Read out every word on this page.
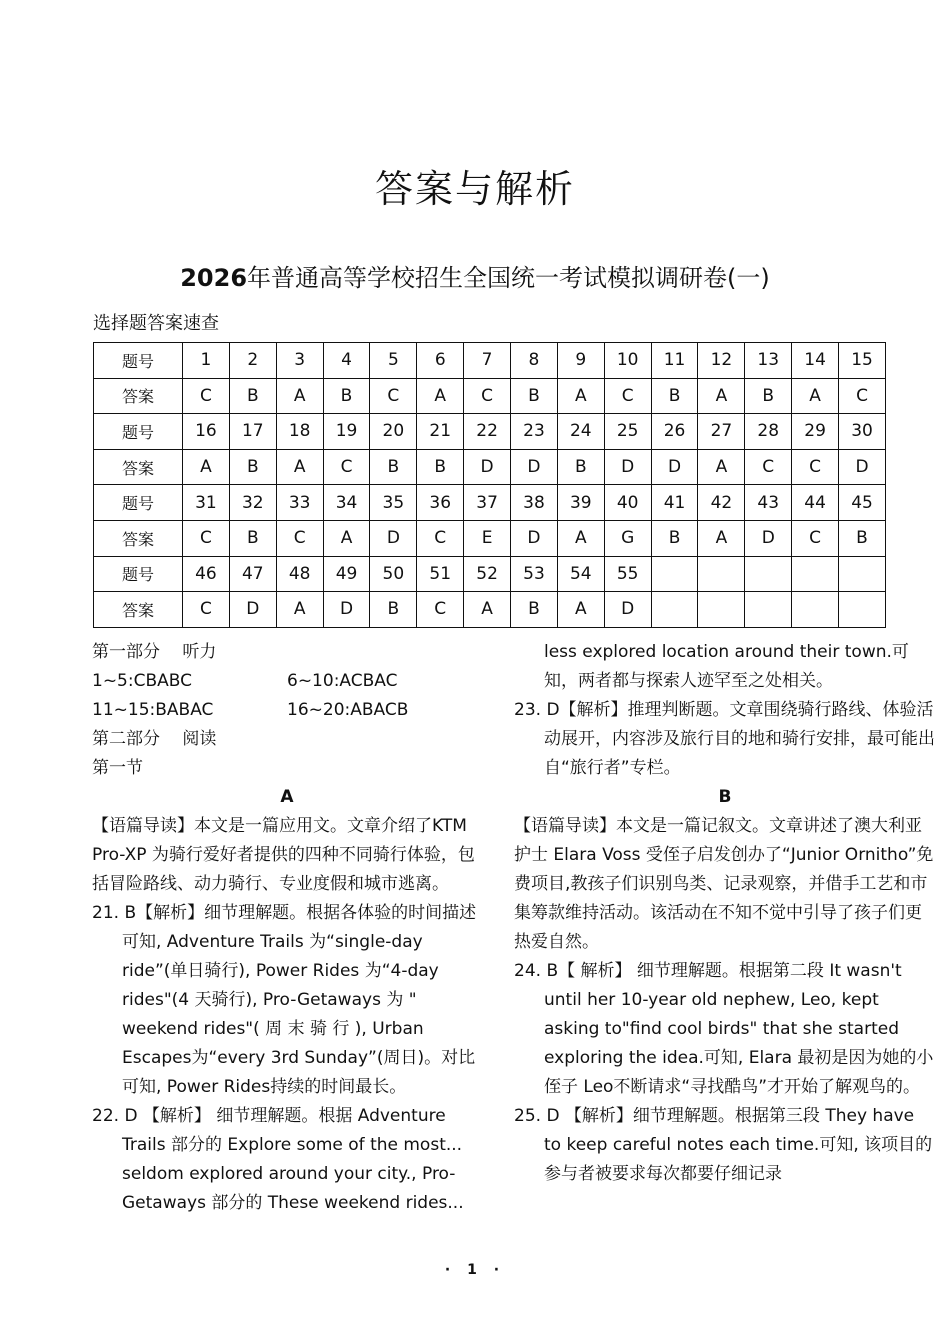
答案与解析
2026年普通高等学校招生全国统一考试模拟调研卷(一)
选择题答案速查
题号	1	2	3	4	5	6	7	8	9	10	11	12	13	14	15
答案	C	B	A	B	C	A	C	B	A	C	B	A	B	A	C
题号	16	17	18	19	20	21	22	23	24	25	26	27	28	29	30
答案	A	B	A	C	B	B	D	D	B	D	D	A	C	C	D
题号	31	32	33	34	35	36	37	38	39	40	41	42	43	44	45
答案	C	B	C	A	D	C	E	D	A	G	B	A	D	C	B
题号	46	47	48	49	50	51	52	53	54	55					
答案	C	D	A	D	B	C	A	B	A	D					
第一部分　 听力
1~5:CBABC	6~10:ACBAC
11~15:BABAC	16~20:ABACB
第二部分　 阅读
第一节
A

【语篇导读】本文是一篇应用文。文章介绍了KTM Pro-XP 为骑行爱好者提供的四种不同骑行体验，包括冒险路线、动力骑行、专业度假和城市逃离。

21. B【解析】细节理解题。根据各体验的时间描述可知, Adventure Trails 为“single-day ride”(单日骑行), Power Rides 为“4-day rides"(4 天骑行), Pro-Getaways 为 " weekend rides"( 周 末 骑 行 ), Urban Escapes为“every 3rd Sunday”(周日)。对比可知, Power Rides持续的时间最长。

22. D 【解析】 细节理解题。根据 Adventure Trails 部分的 Explore some of the most... seldom explored around your city., Pro-Getaways 部分的 These weekend rides...

less explored location around their town.可知，两者都与探索人迹罕至之处相关。

23. D【解析】推理判断题。文章围绕骑行路线、体验活动展开，内容涉及旅行目的地和骑行安排，最可能出自“旅行者”专栏。

B

【语篇导读】本文是一篇记叙文。文章讲述了澳大利亚护士 Elara Voss 受侄子启发创办了“Junior Ornitho”免费项目,教孩子们识别鸟类、记录观察，并借手工艺和市集筹款维持活动。该活动在不知不觉中引导了孩子们更热爱自然。

24. B【 解析】 细节理解题。根据第二段 It wasn't until her 10-year old nephew, Leo, kept asking to"find cool birds" that she started exploring the idea.可知, Elara 最初是因为她的小侄子 Leo不断请求“寻找酷鸟”才开始了解观鸟的。

25. D 【解析】细节理解题。根据第三段 They have to keep careful notes each time.可知, 该项目的参与者被要求每次都要仔细记录

· 1 ·
